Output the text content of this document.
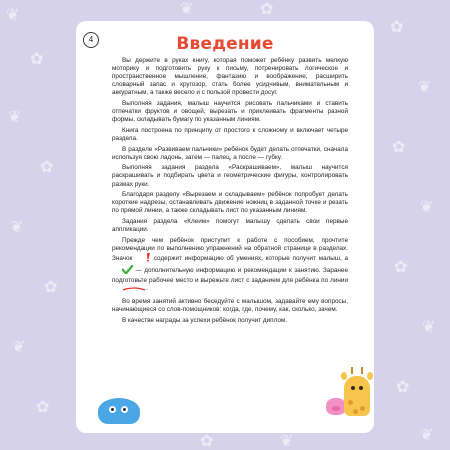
❦
✿
❦
✿
❦
✿
❦
✿
✿
❦
✿
❦
✿
❦
✿
❦
❦	✿
✿	❦
4	Введение

Вы держите в руках книгу, которая поможет ребёнку развить мелкую моторику и подготовить руку к письму, потренировать логическое и пространственное мышление, фантазию и воображение, расширить словарный запас и кругозор, стать более усидчивым, внимательным и аккуратным, а также весело и с пользой провести досуг.

Выполняя задания, малыш научится рисовать пальчиками и ставить отпечатки фруктов и овощей, вырезать и приклеивать фрагменты разной формы, складывать бумагу по указанным линиям.

Книга построена по принципу от простого к сложному и включает четыре раздела.

В разделе «Развиваем пальчики» ребёнок будет делать отпечатки, сначала используя свою ладонь, затем — палец, а после — губку.

Выполняя задания раздела «Раскрашиваем», малыш научится раскрашивать и подбирать цвета и геометрические фигуры, контролировать размах руки.

Благодаря разделу «Вырезаем и складываем» ребёнок попробует делать короткие надрезы, останавливать движение ножниц в заданной точке и резать по прямой линии, а также складывать лист по указанным линиям.

Задания раздела «Клеим» помогут малышу сделать свои первые аппликации.

Прежде чем ребёнок приступит к работе с пособием, прочтите рекомендации по выполнению упражнений на обратной странице в разделах. Значок	содержит информацию об умениях, которые получит малыш, а  — дополнительную информацию и рекомендации к занятию. Заранее подготовьте рабочее место и вырежьте лист с заданием для ребёнка по линии .

Во время занятий активно беседуйте с малышом, задавайте ему вопросы, начинающиеся со слов-помощников: когда, где, почему, как, сколько, зачем.

В качестве награды за успехи ребёнок получит диплом.
